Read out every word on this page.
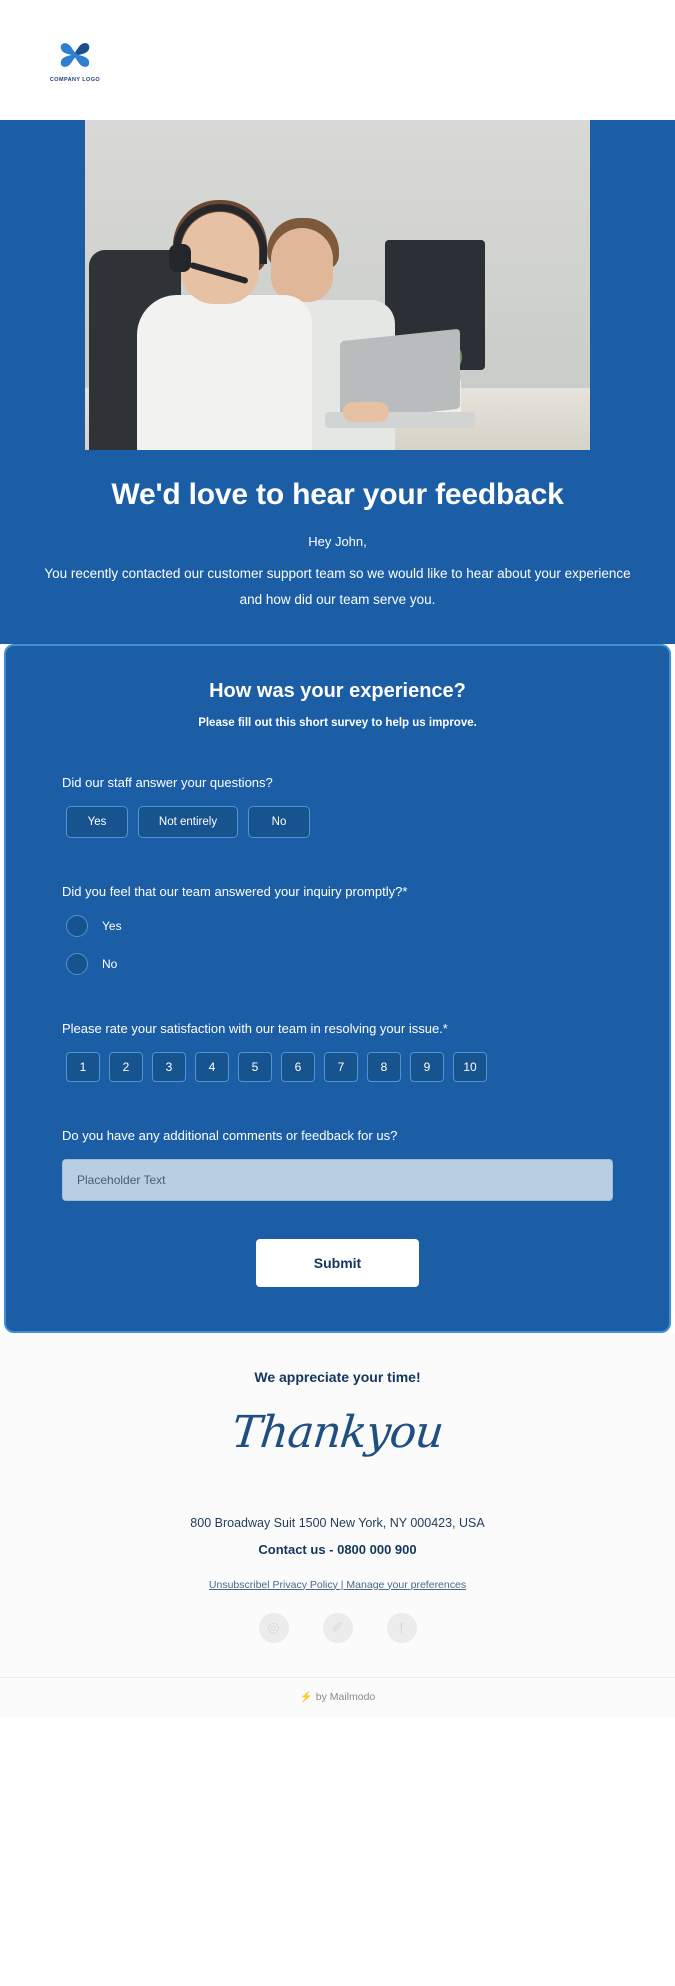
COMPANY LOGO
We'd love to hear your feedback

Hey John,

You recently contacted our customer support team so we would like to hear about your experience and how did our team serve you.

How was your experience?

Please fill out this short survey to help us improve.

Did our staff answer your questions?
Yes	Not entirely	No
Did you feel that our team answered your inquiry promptly?*
Yes
No
Please rate your satisfaction with our team in resolving your issue.*
1	2	3	4	5	6	7	8	9	10
Do you have any additional comments or feedback for us?
Placeholder Text
Submit

We appreciate your time!

Thankyou

800 Broadway Suit 1500 New York, NY 000423, USA

Contact us - 0800 000 900

Unsubscribel Privacy Policy | Manage your preferences
◎	✐	f
⚡ by Mailmodo
